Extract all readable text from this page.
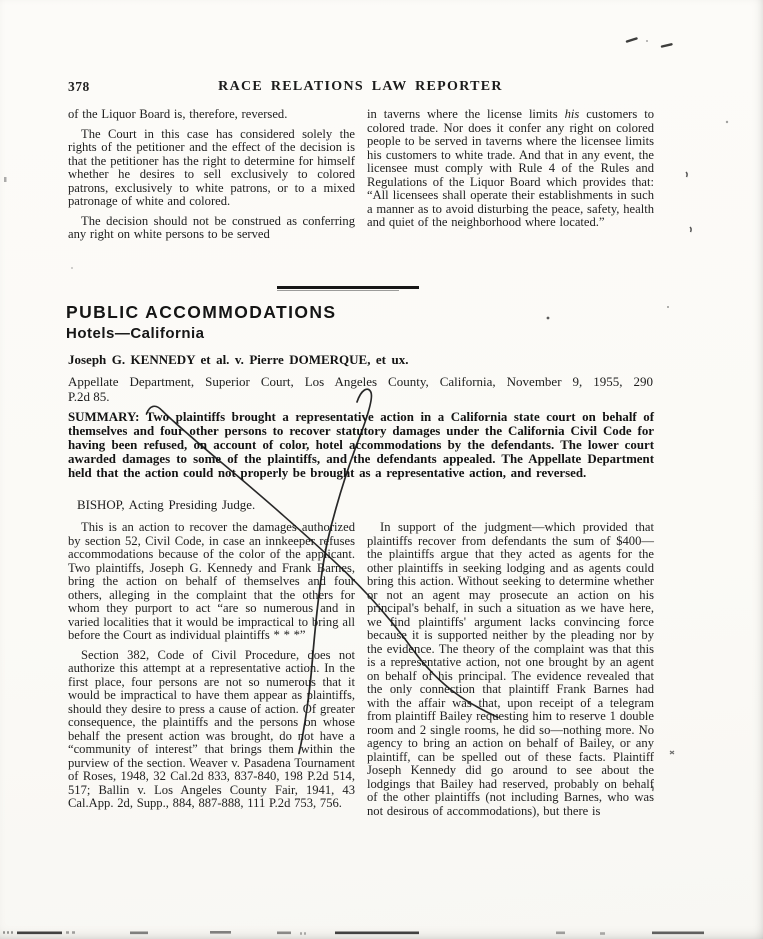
378	RACE RELATIONS LAW REPORTER

of the Liquor Board is, therefore, reversed.

The Court in this case has considered solely the rights of the petitioner and the effect of the decision is that the petitioner has the right to determine for himself whether he desires to sell exclusively to colored patrons, exclusively to white patrons, or to a mixed patronage of white and colored.

The decision should not be construed as conferring any right on white persons to be served

in taverns where the license limits his customers to colored trade. Nor does it confer any right on colored people to be served in taverns where the licensee limits his customers to white trade. And that in any event, the licensee must comply with Rule 4 of the Rules and Regulations of the Liquor Board which provides that: “All licensees shall operate their establishments in such a manner as to avoid disturbing the peace, safety, health and quiet of the neighborhood where located.”

PUBLIC ACCOMMODATIONS
Hotels—California
Joseph G. KENNEDY et al. v. Pierre DOMERQUE, et ux.
Appellate Department, Superior Court, Los Angeles County, California, November 9, 1955, 290
P.2d 85.
SUMMARY: Two plaintiffs brought a representative action in a California state court on behalf of themselves and four other persons to recover statutory damages under the California Civil Code for having been refused, on account of color, hotel accommodations by the defendants. The lower court awarded damages to some of the plaintiffs, and the defendants appealed. The Appellate Department held that the action could not properly be brought as a representative action, and reversed.
BISHOP, Acting Presiding Judge.

This is an action to recover the damages authorized by section 52, Civil Code, in case an innkeeper refuses accommodations because of the color of the applicant. Two plaintiffs, Joseph G. Kennedy and Frank Barnes, bring the action on behalf of themselves and four others, alleging in the complaint that the others for whom they purport to act “are so numerous and in varied localities that it would be impractical to bring all before the Court as individual plaintiffs * * *”

Section 382, Code of Civil Procedure, does not authorize this attempt at a representative action. In the first place, four persons are not so numerous that it would be impractical to have them appear as plaintiffs, should they desire to press a cause of action. Of greater consequence, the plaintiffs and the persons on whose behalf the present action was brought, do not have a “community of interest” that brings them within the purview of the section. Weaver v. Pasadena Tournament of Roses, 1948, 32 Cal.2d 833, 837-840, 198 P.2d 514, 517; Ballin v. Los Angeles County Fair, 1941, 43 Cal.App. 2d, Supp., 884, 887-888, 111 P.2d 753, 756.

In support of the judgment—which provided that plaintiffs recover from defendants the sum of $400—the plaintiffs argue that they acted as agents for the other plaintiffs in seeking lodging and as agents could bring this action. Without seeking to determine whether or not an agent may prosecute an action on his principal's behalf, in such a situation as we have here, we find plaintiffs' argument lacks convincing force because it is supported neither by the pleading nor by the evidence. The theory of the complaint was that this is a representative action, not one brought by an agent on behalf of his principal. The evidence revealed that the only connection that plaintiff Frank Barnes had with the affair was that, upon receipt of a telegram from plaintiff Bailey requesting him to reserve 1 double room and 2 single rooms, he did so—nothing more. No agency to bring an action on behalf of Bailey, or any plaintiff, can be spelled out of these facts. Plaintiff Joseph Kennedy did go around to see about the lodgings that Bailey had reserved, probably on behalf of the other plaintiffs (not including Barnes, who was not desirous of accommodations), but there is
